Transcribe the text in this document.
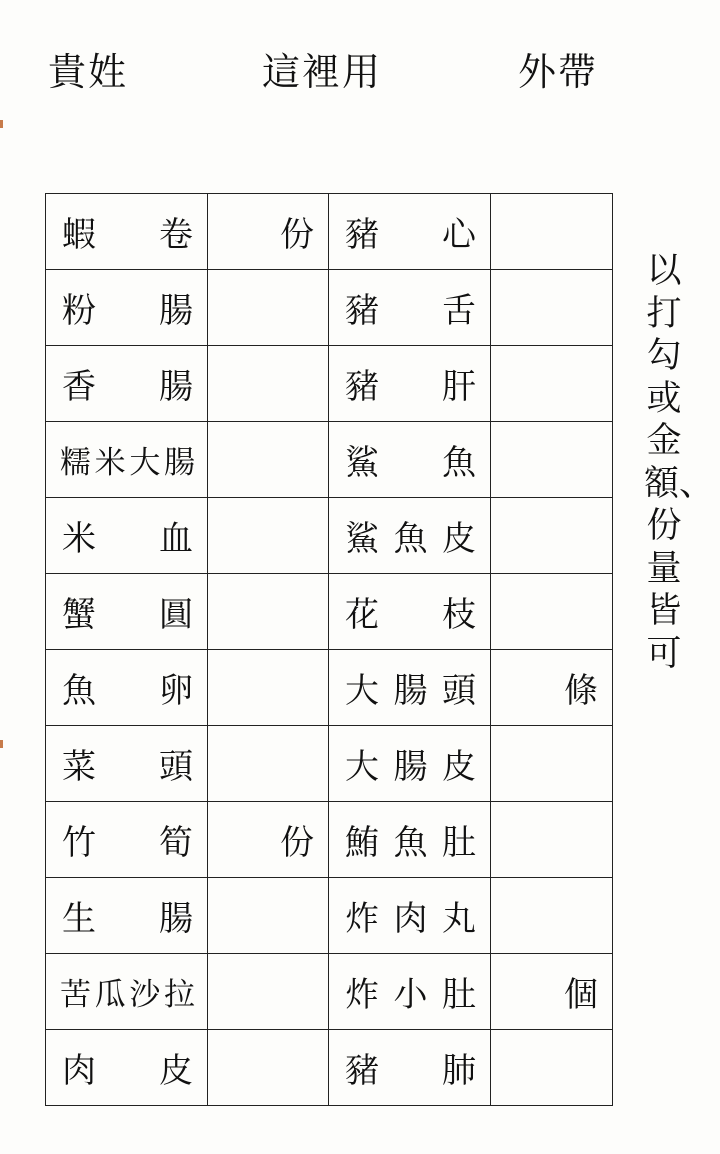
貴姓	這裡用	外帶
蝦　卷	份	豬　心	
粉　腸		豬　舌	
香　腸		豬　肝	
糯米大腸		鯊　魚	
米　血		鯊魚皮	
蟹　圓		花　枝	
魚　卵		大腸頭	條
菜　頭		大腸皮	
竹　筍	份	鮪魚肚	
生　腸		炸肉丸	
苦瓜沙拉		炸小肚	個
肉　皮		豬　肺	
以打勾或金額、份量皆可
